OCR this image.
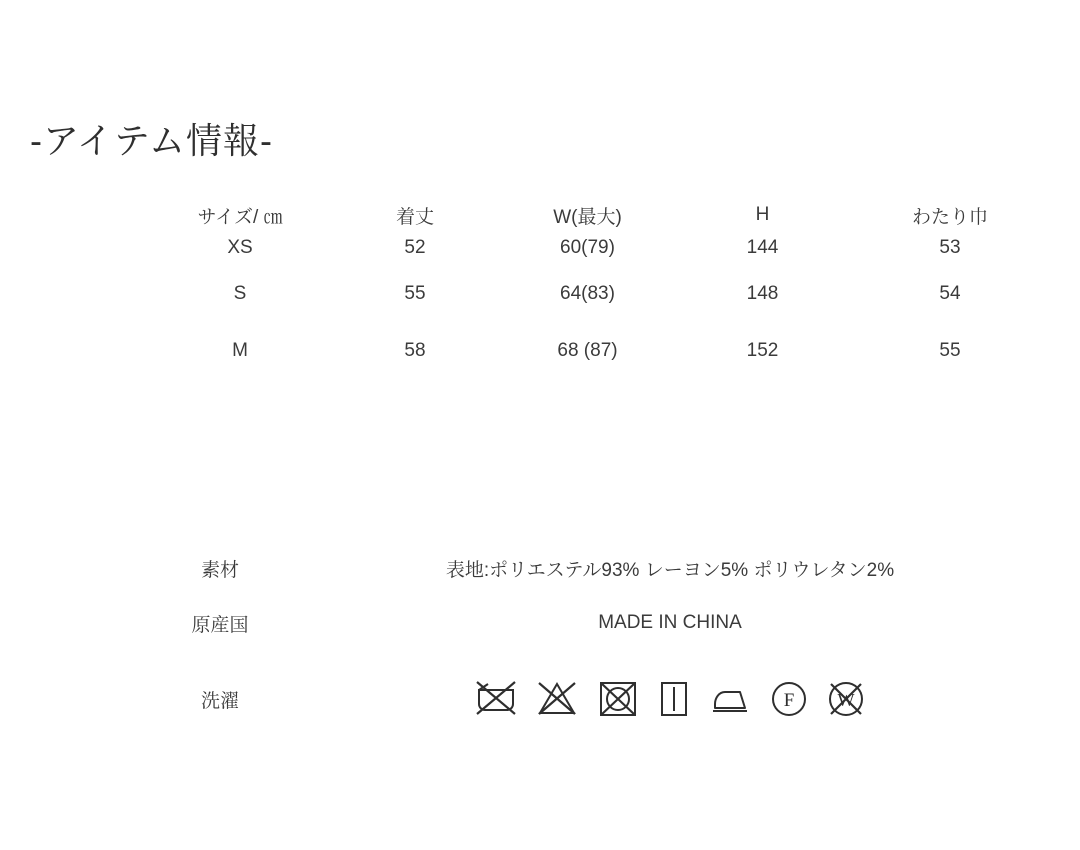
-アイテム情報-
サイズ/ ㎝	着丈	W(最大)	H	わたり巾
XS	52	60(79)	144	53
S	55	64(83)	148	54
M	58	68 (87)	152	55
素材	表地:ポリエステル93% レーヨン5% ポリウレタン2%
原産国	MADE IN CHINA
洗濯	F W
